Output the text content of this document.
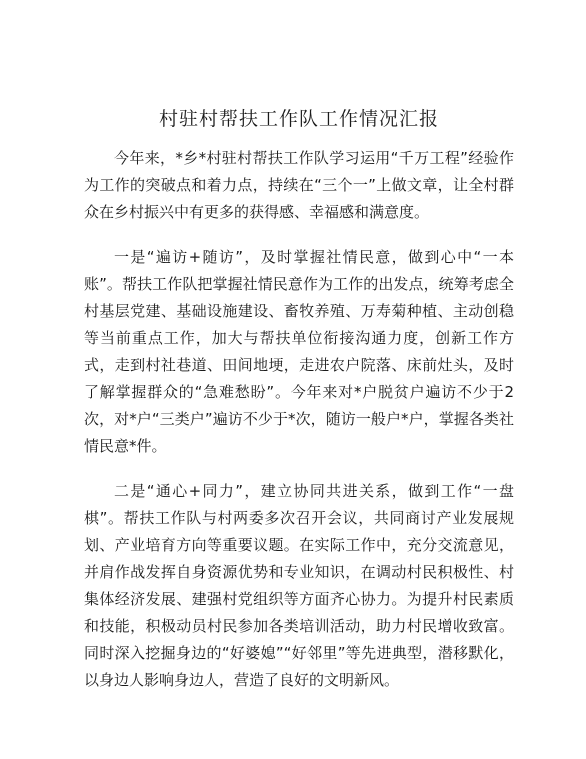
村驻村帮扶工作队工作情况汇报

今年来，*乡*村驻村帮扶工作队学习运用“千万工程”经验作为工作的突破点和着力点，持续在“三个一”上做文章，让全村群众在乡村振兴中有更多的获得感、幸福感和满意度。

一是“遍访+随访”，及时掌握社情民意，做到心中“一本账”。帮扶工作队把掌握社情民意作为工作的出发点，统筹考虑全村基层党建、基础设施建设、畜牧养殖、万寿菊种植、主动创稳等当前重点工作，加大与帮扶单位衔接沟通力度，创新工作方式，走到村社巷道、田间地埂，走进农户院落、床前灶头，及时了解掌握群众的“急难愁盼”。今年来对*户脱贫户遍访不少于2次，对*户“三类户”遍访不少于*次，随访一般户*户，掌握各类社情民意*件。

二是“通心+同力”，建立协同共进关系，做到工作“一盘棋”。帮扶工作队与村两委多次召开会议，共同商讨产业发展规划、产业培育方向等重要议题。在实际工作中，充分交流意见，并肩作战发挥自身资源优势和专业知识，在调动村民积极性、村集体经济发展、建强村党组织等方面齐心协力。为提升村民素质和技能，积极动员村民参加各类培训活动，助力村民增收致富。同时深入挖掘身边的“好婆媳”“好邻里”等先进典型，潜移默化，以身边人影响身边人，营造了良好的文明新风。
